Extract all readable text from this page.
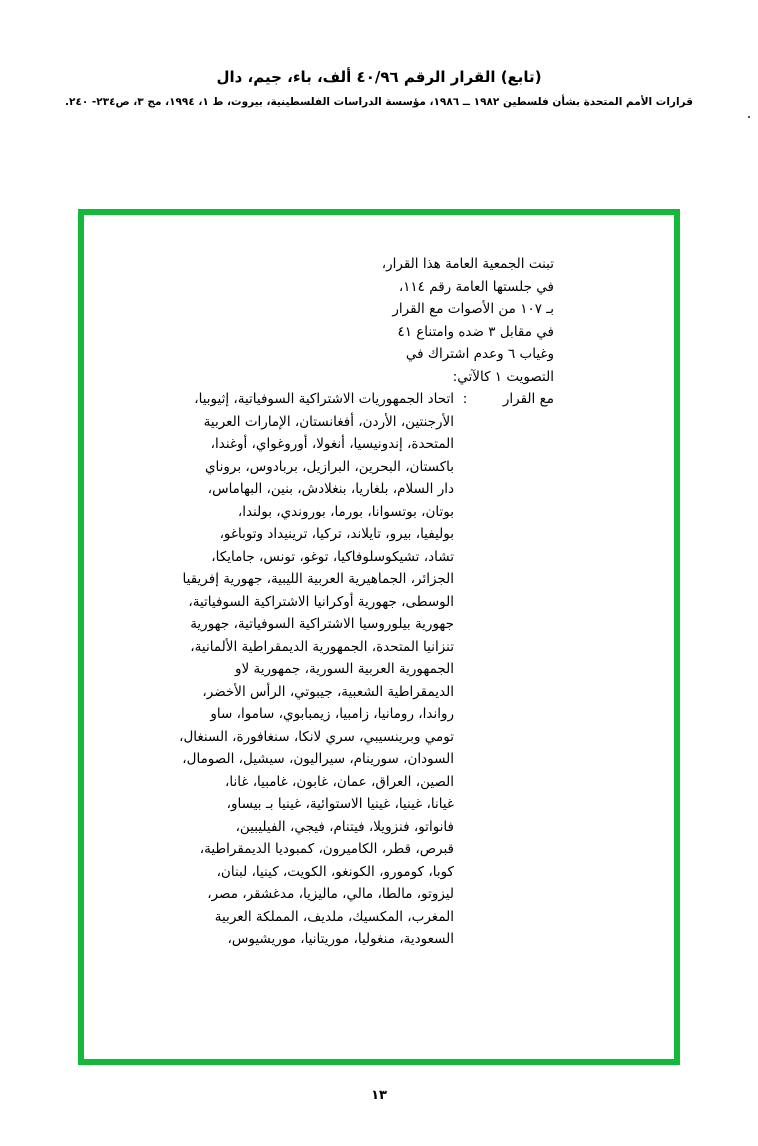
(تابع) القرار الرقم ٤٠/٩٦ ألف، باء، جيم، دال
قرارات الأمم المتحدة بشأن فلسطين ١٩٨٢ ــ ١٩٨٦، مؤسسة الدراسات الفلسطينية، بيروت، ط ١، ١٩٩٤، مج ٣، ص٢٣٤- ٢٤٠.
تبنت الجمعية العامة هذا القرار،
في جلستها العامة رقم ١١٤،
بـ ١٠٧ من الأصوات مع القرار
في مقابل ٣ ضده وامتناع ٤١
وغياب ٦ وعدم اشتراك في
التصويت ١ كالآتي:
مع القرار
:
اتحاد الجمهوريات الاشتراكية السوفياتية، إثيوبيا،
الأرجنتين، الأردن، أفغانستان، الإمارات العربية
المتحدة، إندونيسيا، أنغولا، أوروغواي، أوغندا،
باكستان، البحرين، البرازيل، بربادوس، بروناي
دار السلام، بلغاريا، بنغلادش، بنين، البهاماس،
بوتان، بوتسوانا، بورما، بوروندي، بولندا،
بوليفيا، بيرو، تايلاند، تركيا، ترينيداد وتوباغو،
تشاد، تشيكوسلوفاكيا، توغو، تونس، جامايكا،
الجزائر، الجماهيرية العربية الليبية، جهورية إفريقيا
الوسطى، جهورية أوكرانيا الاشتراكية السوفياتية،
جهورية بيلوروسيا الاشتراكية السوفياتية، جهورية
تنزانيا المتحدة، الجمهورية الديمقراطية الألمانية،
الجمهورية العربية السورية، جمهورية لاو
الديمقراطية الشعبية، جيبوتي، الرأس الأخضر،
رواندا، رومانيا، زامبيا، زيمبابوي، ساموا، ساو
تومي وبرينسيبي، سري لانكا، سنغافورة، السنغال،
السودان، سورينام، سيراليون، سيشيل، الصومال،
الصين، العراق، عمان، غابون، غامبيا، غانا،
غيانا، غينيا، غينيا الاستوائية، غينيا بـ بيساو،
فانواتو، فنزويلا، فيتنام، فيجي، الفيليبين،
قبرص، قطر، الكاميرون، كمبوديا الديمقراطية،
كوبا، كومورو، الكونغو، الكويت، كينيا، لبنان،
ليزوتو، مالطا، مالي، ماليزيا، مدغشقر، مصر،
المغرب، المكسيك، ملديف، المملكة العربية
السعودية، منغوليا، موريتانيا، موريشيوس،
١٣
